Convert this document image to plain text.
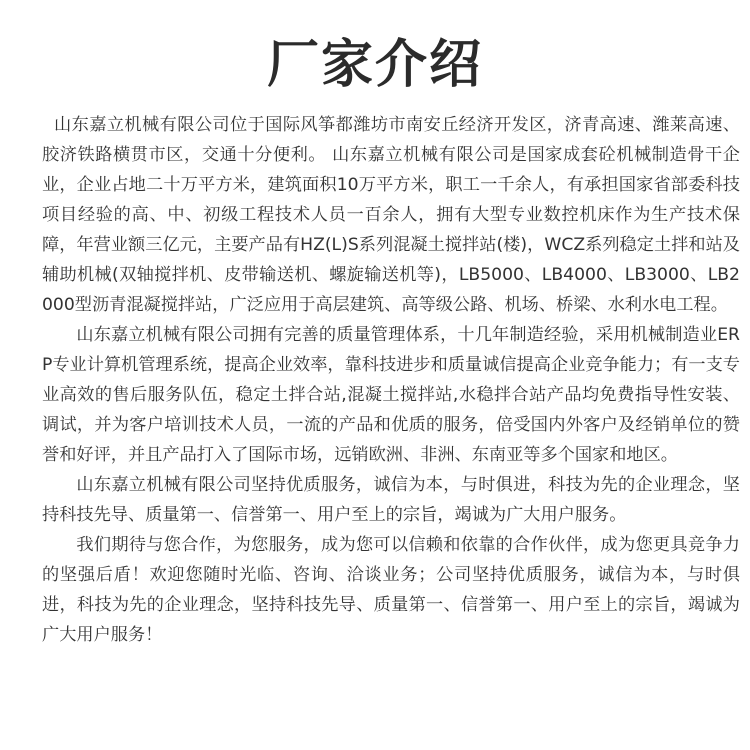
厂家介绍

山东嘉立机械有限公司位于国际风筝都潍坊市南安丘经济开发区，济青高速、潍莱高速、胶济铁路横贯市区，交通十分便利。 山东嘉立机械有限公司是国家成套砼机械制造骨干企业，企业占地二十万平方米，建筑面积10万平方米，职工一千余人，有承担国家省部委科技项目经验的高、中、初级工程技术人员一百余人，拥有大型专业数控机床作为生产技术保障，年营业额三亿元，主要产品有HZ(L)S系列混凝土搅拌站(楼)，WCZ系列稳定土拌和站及辅助机械(双轴搅拌机、皮带输送机、螺旋输送机等)，LB5000、LB4000、LB3000、LB2000型沥青混凝搅拌站，广泛应用于高层建筑、高等级公路、机场、桥梁、水利水电工程。

山东嘉立机械有限公司拥有完善的质量管理体系，十几年制造经验，采用机械制造业ERP专业计算机管理系统，提高企业效率，靠科技进步和质量诚信提高企业竞争能力；有一支专业高效的售后服务队伍，稳定土拌合站,混凝土搅拌站,水稳拌合站产品均免费指导性安装、调试，并为客户培训技术人员，一流的产品和优质的服务，倍受国内外客户及经销单位的赞誉和好评，并且产品打入了国际市场，远销欧洲、非洲、东南亚等多个国家和地区。

山东嘉立机械有限公司坚持优质服务，诚信为本，与时俱进，科技为先的企业理念，坚持科技先导、质量第一、信誉第一、用户至上的宗旨，竭诚为广大用户服务。

我们期待与您合作，为您服务，成为您可以信赖和依靠的合作伙伴，成为您更具竞争力的坚强后盾！欢迎您随时光临、咨询、洽谈业务；公司坚持优质服务，诚信为本，与时俱进，科技为先的企业理念，坚持科技先导、质量第一、信誉第一、用户至上的宗旨，竭诚为广大用户服务！
